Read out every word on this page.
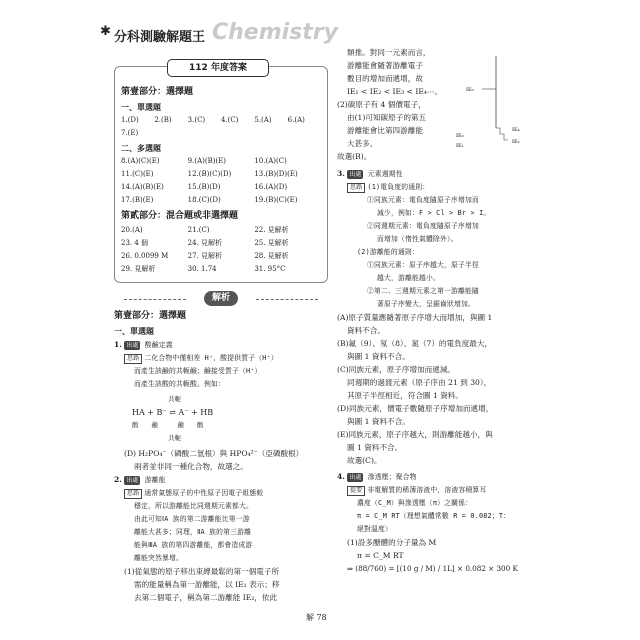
✱ 分科測驗解題王 Chemistry
112 年度答案
第壹部分：選擇題
一、單選題
1.(D)	2.(B)	3.(C)	4.(C)	5.(A)	6.(A)
7.(E)
二、多選題
8.(A)(C)(E)	9.(A)(B)(E)	10.(A)(C)
11.(C)(E)	12.(B)(C)(D)	13.(B)(D)(E)
14.(A)(B)(E)	15.(B)(D)	16.(A)(D)
17.(B)(E)	18.(C)(D)	19.(B)(C)(E)
第貳部分：混合題或非選擇題
20.(A)	21.(C)	22. 見解析
23. 4 個	24. 見解析	25. 見解析
26. 0.0099 M	27. 見解析	28. 見解析
29. 見解析	30. 1.74	31. 95°C
解析
第壹部分：選擇題
一、單選題
1. 出處 酸鹼定義
思路 二化合物中僅相差 H⁺，酸提供質子（H⁺）
而產生該鹼的共軛鹼；鹼接受質子（H⁺）
而產生該酸的共軛酸。例如：
共軛
HA + B⁻ ⇌ A⁻ + HB
酸　　鹼　　　鹼　　酸
共軛
(D) H₂PO₄⁻（磷酸二氫根）與 HPO₄²⁻（亞磷酸根）
兩者並非同一種化合物，故選之。
2. 出處 游離能
思路 通常氣態原子的中性原子因電子組態較
穩定，所以游離能比同週期元素都大。
由此可知ⅠA 族的第二游離能比第一游
離能大甚多；同理，ⅡA 族的第三游離
能與ⅢA 族的第四游離能，都會造成游
離能突然暴增。
(1)從氣態的原子移出束縛最鬆的第一個電子所
需的能量稱為第一游離能，以 IE₁ 表示；移
去第二個電子，稱為第二游離能 IE₂，依此
類推。對同一元素而言，
游離能會隨著游離電子
數目的增加而遞增，故
IE₁ < IE₂ < IE₃ < IE₄⋯。
(2)碳原子有 4 個價電子，
由(1)可知碳原子的第五
游離能會比第四游離能
大甚多。
故選(B)。
3. 出處 元素週期性
思路 (1)電負度的通則：
①同族元素：電負度隨原子序增加而
減少，例如：F > Cl > Br > I。
②同週期元素：電負度隨原子序增加
而增加（惰性氣體除外）。
(2)游離能的通則：
①同族元素：原子序越大，原子半徑
越大，游離能越小。
②第二、三週期元素之第一游離能隨
著原子序變大，呈鋸齒狀增加。
(A)原子質量應隨著原子序增大而增加，與圖 1
資料不合。
(B)氟（9）、氖（8）、氮（7）的電負度最大，
與圖 1 資料不合。
(C)同族元素，原子序增加而遞減。
同週期的過渡元素（原子序由 21 到 30），
其原子半徑相近，符合圖 1 資料。
(D)同族元素，價電子數隨原子序增加而遞增，
與圖 1 資料不合。
(E)同族元素，原子序越大，則游離能越小，與
圖 1 資料不合。
故選(C)。
4. 出處 滲透壓；聚合物
提要 非電解質的稀薄溶液中，溶液容積算耳
濃度（C_M）與滲透壓（π）之關係：
π = C_M RT（理想氣體常數 R = 0.082；T：
絕對溫度）
(1)設多醣體的分子量為 M
π = C_M RT
⇒ (88/760) = [(10 g / M) / 1L] × 0.082 × 300 K
IE₅
IE₄
IE₃
IE₂
IE₁
解 78
